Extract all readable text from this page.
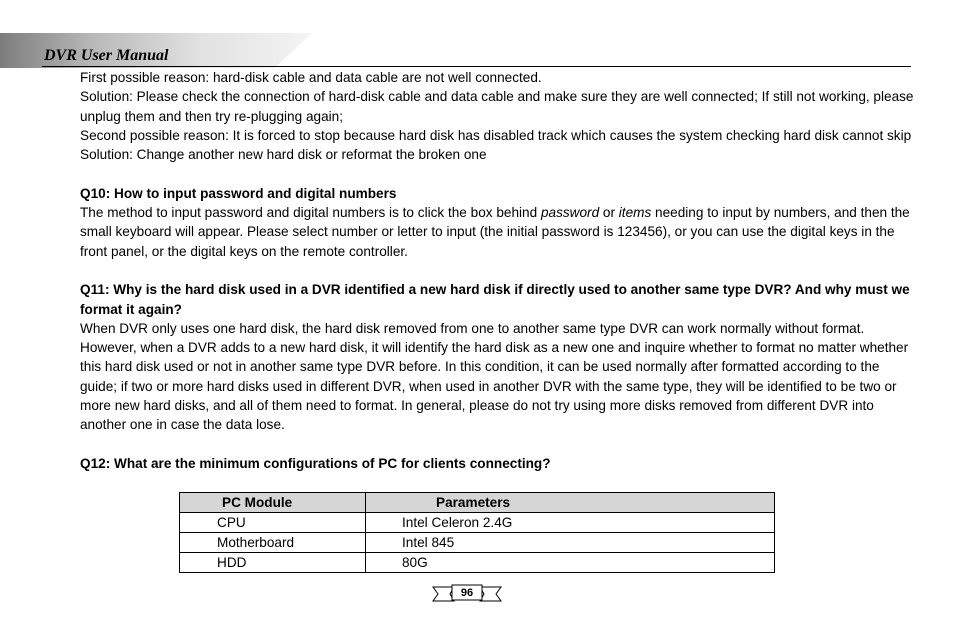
DVR User Manual

First possible reason: hard-disk cable and data cable are not well connected.

Solution: Please check the connection of hard-disk cable and data cable and make sure they are well connected; If still not working, please unplug them and then try re-plugging again;

Second possible reason: It is forced to stop because hard disk has disabled track which causes the system checking hard disk cannot skip

Solution: Change another new hard disk or reformat the broken one

Q10: How to input password and digital numbers

The method to input password and digital numbers is to click the box behind password or items needing to input by numbers, and then the small keyboard will appear. Please select number or letter to input (the initial password is 123456), or you can use the digital keys in the front panel, or the digital keys on the remote controller.

Q11: Why is the hard disk used in a DVR identified a new hard disk if directly used to another same type DVR? And why must we format it again?

When DVR only uses one hard disk, the hard disk removed from one to another same type DVR can work normally without format. However, when a DVR adds to a new hard disk, it will identify the hard disk as a new one and inquire whether to format no matter whether this hard disk used or not in another same type DVR before. In this condition, it can be used normally after formatted according to the guide; if two or more hard disks used in different DVR, when used in another DVR with the same type, they will be identified to be two or more new hard disks, and all of them need to format. In general, please do not try using more disks removed from different DVR into another one in case the data lose.

Q12: What are the minimum configurations of PC for clients connecting?

PC Module	Parameters
CPU	Intel Celeron 2.4G
Motherboard	Intel 845
HDD	80G
96
